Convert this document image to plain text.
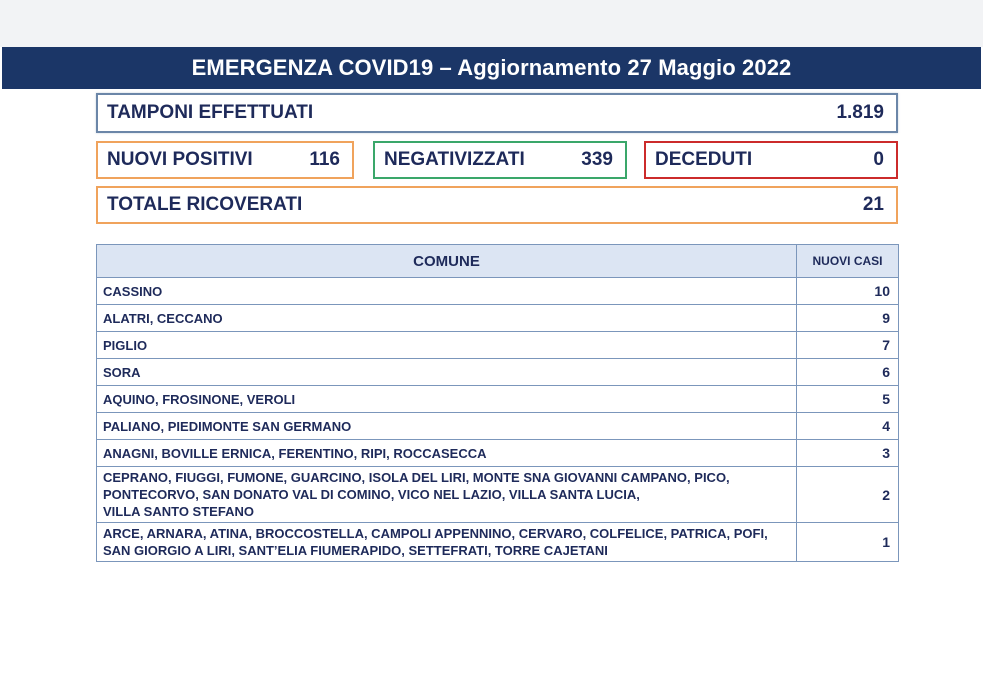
EMERGENZA COVID19 – Aggiornamento 27 Maggio 2022
TAMPONI EFFETTUATI	1.819
NUOVI POSITIVI	116 NEGATIVIZZATI	339 DECEDUTI	0
TOTALE RICOVERATI	21
COMUNE	NUOVI CASI
CASSINO	10
ALATRI, CECCANO	9
PIGLIO	7
SORA	6
AQUINO, FROSINONE, VEROLI	5
PALIANO, PIEDIMONTE SAN GERMANO	4
ANAGNI, BOVILLE ERNICA, FERENTINO, RIPI, ROCCASECCA	3

CEPRANO, FIUGGI, FUMONE, GUARCINO, ISOLA DEL LIRI, MONTE SNA GIOVANNI CAMPANO, PICO,
PONTECORVO, SAN DONATO VAL DI COMINO, VICO NEL LAZIO, VILLA SANTA LUCIA,
VILLA SANTO STEFANO	2

ARCE, ARNARA, ATINA, BROCCOSTELLA, CAMPOLI APPENNINO, CERVARO, COLFELICE, PATRICA, POFI,
SAN GIORGIO A LIRI, SANT’ELIA FIUMERAPIDO, SETTEFRATI, TORRE CAJETANI	1
